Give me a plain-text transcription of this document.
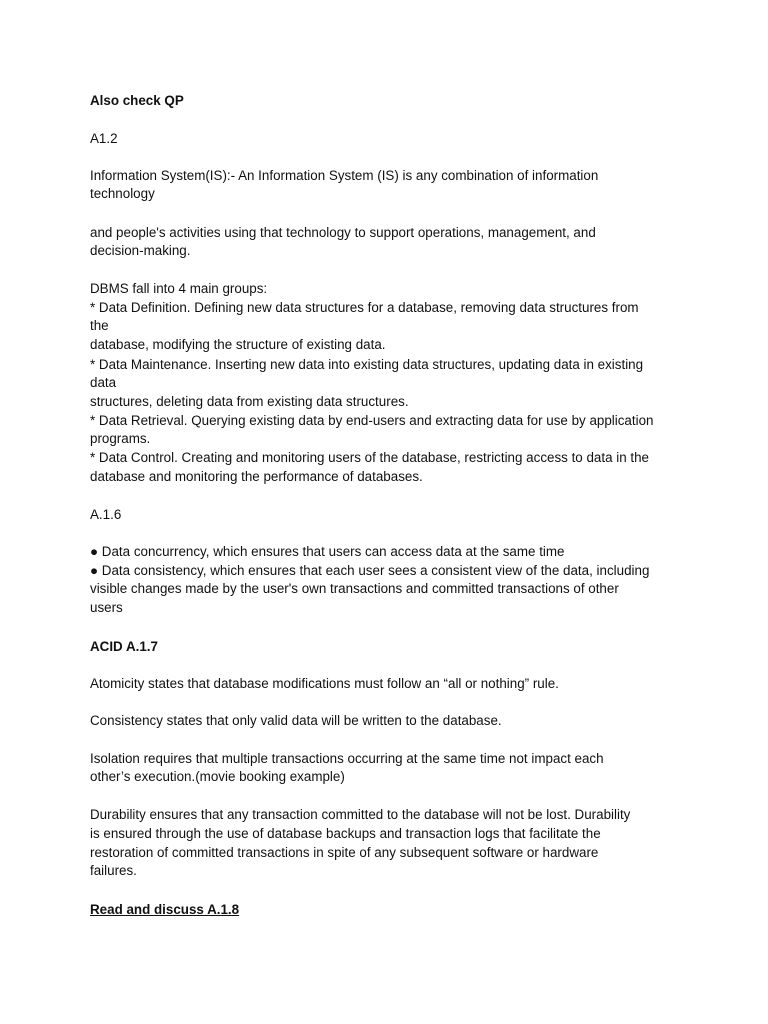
Also check QP
A1.2
Information System(IS):- An Information System (IS) is any combination of information
technology
and people's activities using that technology to support operations, management, and
decision-making.
DBMS fall into 4 main groups:
* Data Definition. Defining new data structures for a database, removing data structures from
the
database, modifying the structure of existing data.
* Data Maintenance. Inserting new data into existing data structures, updating data in existing
data
structures, deleting data from existing data structures.
* Data Retrieval. Querying existing data by end-users and extracting data for use by application
programs.
* Data Control. Creating and monitoring users of the database, restricting access to data in the
database and monitoring the performance of databases.
A.1.6
● Data concurrency, which ensures that users can access data at the same time
● Data consistency, which ensures that each user sees a consistent view of the data, including
visible changes made by the user's own transactions and committed transactions of other
users
ACID A.1.7
Atomicity states that database modifications must follow an “all or nothing” rule.
Consistency states that only valid data will be written to the database.
Isolation requires that multiple transactions occurring at the same time not impact each
other’s execution.(movie booking example)
Durability ensures that any transaction committed to the database will not be lost. Durability
is ensured through the use of database backups and transaction logs that facilitate the
restoration of committed transactions in spite of any subsequent software or hardware
failures.
Read and discuss A.1.8
